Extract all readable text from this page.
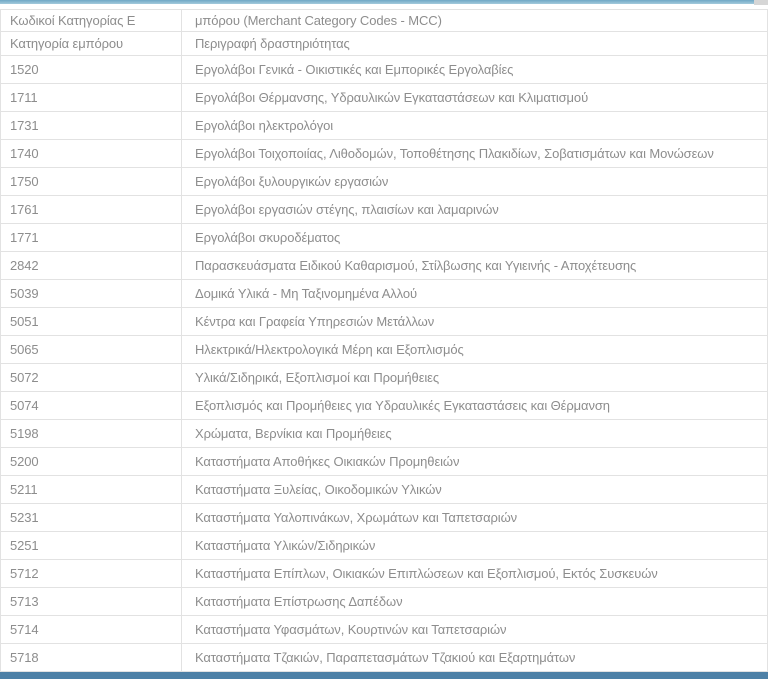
Κωδικοί Κατηγορίας Ε	μπόρου (Merchant Category Codes - MCC)
Κατηγορία εμπόρου	Περιγραφή δραστηριότητας
1520	Εργολάβοι Γενικά - Οικιστικές και Εμπορικές Εργολαβίες
1711	Εργολάβοι Θέρμανσης, Υδραυλικών Εγκαταστάσεων και Κλιματισμού
1731	Εργολάβοι ηλεκτρολόγοι
1740	Εργολάβοι Τοιχοποιίας, Λιθοδομών, Τοποθέτησης Πλακιδίων, Σοβατισμάτων και Μονώσεων
1750	Εργολάβοι ξυλουργικών εργασιών
1761	Εργολάβοι εργασιών στέγης, πλαισίων και λαμαρινών
1771	Εργολάβοι σκυροδέματος
2842	Παρασκευάσματα Ειδικού Καθαρισμού, Στίλβωσης και Υγιεινής - Αποχέτευσης
5039	Δομικά Υλικά - Μη Ταξινομημένα Αλλού
5051	Κέντρα και Γραφεία Υπηρεσιών Μετάλλων
5065	Ηλεκτρικά/Ηλεκτρολογικά Μέρη και Εξοπλισμός
5072	Υλικά/Σιδηρικά, Εξοπλισμοί και Προμήθειες
5074	Εξοπλισμός και Προμήθειες για Υδραυλικές Εγκαταστάσεις και Θέρμανση
5198	Χρώματα, Βερνίκια και Προμήθειες
5200	Καταστήματα Αποθήκες Οικιακών Προμηθειών
5211	Καταστήματα Ξυλείας, Οικοδομικών Υλικών
5231	Καταστήματα Υαλοπινάκων, Χρωμάτων και Ταπετσαριών
5251	Καταστήματα Υλικών/Σιδηρικών
5712	Καταστήματα Επίπλων, Οικιακών Επιπλώσεων και Εξοπλισμού, Εκτός Συσκευών
5713	Καταστήματα Επίστρωσης Δαπέδων
5714	Καταστήματα Υφασμάτων, Κουρτινών και Ταπετσαριών
5718	Καταστήματα Τζακιών, Παραπετασμάτων Τζακιού και Εξαρτημάτων
